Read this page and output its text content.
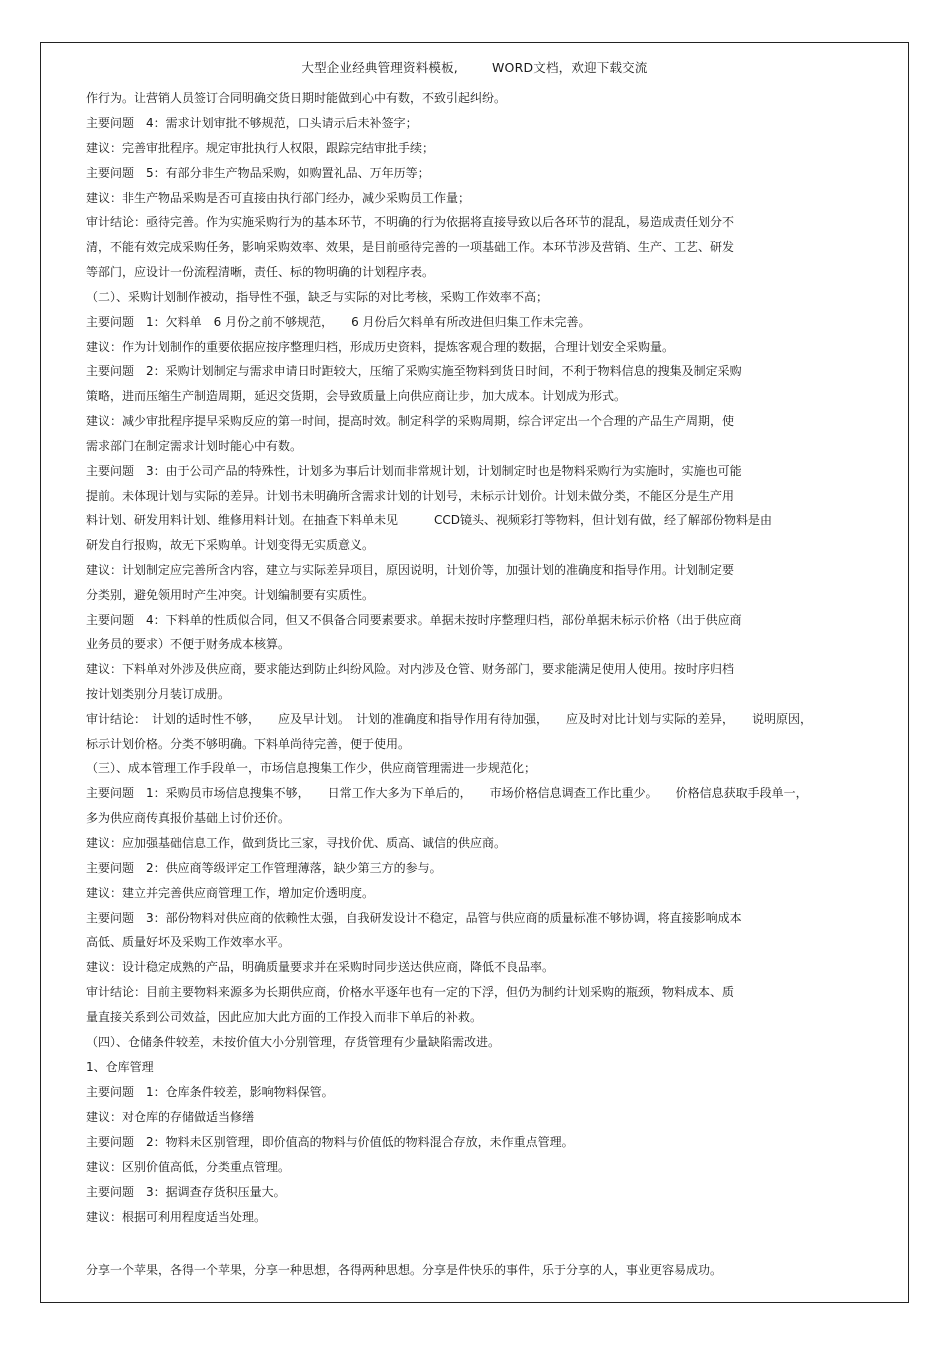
大型企业经典管理资料模板,	WORD文档，欢迎下载交流
作行为。让营销人员签订合同明确交货日期时能做到心中有数，不致引起纠纷。
主要问题　4：需求计划审批不够规范，口头请示后未补签字；
建议：完善审批程序。规定审批执行人权限，跟踪完结审批手续；
主要问题　5：有部分非生产物品采购，如购置礼品、万年历等；
建议：非生产物品采购是否可直接由执行部门经办，减少采购员工作量；
审计结论：亟待完善。作为实施采购行为的基本环节，不明确的行为依据将直接导致以后各环节的混乱，易造成责任划分不
清，不能有效完成采购任务，影响采购效率、效果，是目前亟待完善的一项基础工作。本环节涉及营销、生产、工艺、研发
等部门，应设计一份流程清晰，责任、标的物明确的计划程序表。
（二）、采购计划制作被动，指导性不强，缺乏与实际的对比考核，采购工作效率不高；
主要问题　1：欠料单　6 月份之前不够规范，　　6 月份后欠料单有所改进但归集工作未完善。
建议：作为计划制作的重要依据应按序整理归档，形成历史资料，提炼客观合理的数据，合理计划安全采购量。
主要问题　2：采购计划制定与需求申请日时距较大，压缩了采购实施至物料到货日时间，不利于物料信息的搜集及制定采购
策略，进而压缩生产制造周期，延迟交货期，会导致质量上向供应商让步，加大成本。计划成为形式。
建议：减少审批程序提早采购反应的第一时间，提高时效。制定科学的采购周期，综合评定出一个合理的产品生产周期，使
需求部门在制定需求计划时能心中有数。
主要问题　3：由于公司产品的特殊性，计划多为事后计划而非常规计划，计划制定时也是物料采购行为实施时，实施也可能
提前。未体现计划与实际的差异。计划书未明确所含需求计划的计划号，未标示计划价。计划未做分类，不能区分是生产用
料计划、研发用料计划、维修用料计划。在抽查下料单未见　　　CCD镜头、视频彩打等物料，但计划有做，经了解部份物料是由
研发自行报购，故无下采购单。计划变得无实质意义。
建议：计划制定应完善所含内容，建立与实际差异项目，原因说明，计划价等，加强计划的准确度和指导作用。计划制定要
分类别，避免领用时产生冲突。计划编制要有实质性。
主要问题　4：下料单的性质似合同，但又不俱备合同要素要求。单据未按时序整理归档，部份单据未标示价格（出于供应商
业务员的要求）不便于财务成本核算。
建议：下料单对外涉及供应商，要求能达到防止纠纷风险。对内涉及仓管、财务部门，要求能满足使用人使用。按时序归档
按计划类别分月装订成册。
审计结论：　计划的适时性不够，　　应及早计划。　计划的准确度和指导作用有待加强，　　应及时对比计划与实际的差异，　　说明原因，
标示计划价格。分类不够明确。下料单尚待完善，便于使用。
（三）、成本管理工作手段单一，市场信息搜集工作少，供应商管理需进一步规范化；
主要问题　1：采购员市场信息搜集不够，　　日常工作大多为下单后的，　　市场价格信息调查工作比重少。　　价格信息获取手段单一，
多为供应商传真报价基础上讨价还价。
建议：应加强基础信息工作，做到货比三家，寻找价优、质高、诚信的供应商。
主要问题　2：供应商等级评定工作管理薄落，缺少第三方的参与。
建议：建立并完善供应商管理工作，增加定价透明度。
主要问题　3：部份物料对供应商的依赖性太强，自我研发设计不稳定，品管与供应商的质量标准不够协调，将直接影响成本
高低、质量好坏及采购工作效率水平。
建议：设计稳定成熟的产品，明确质量要求并在采购时同步送达供应商，降低不良品率。
审计结论：目前主要物料来源多为长期供应商，价格水平逐年也有一定的下浮，但仍为制约计划采购的瓶颈，物料成本、质
量直接关系到公司效益，因此应加大此方面的工作投入而非下单后的补救。
（四）、仓储条件较差，未按价值大小分别管理，存货管理有少量缺陷需改进。
1、仓库管理
主要问题　1：仓库条件较差，影响物料保管。
建议：对仓库的存储做适当修缮
主要问题　2：物料未区别管理，即价值高的物料与价值低的物料混合存放，未作重点管理。
建议：区别价值高低，分类重点管理。
主要问题　3：据调查存货积压量大。
建议：根据可利用程度适当处理。
分享一个苹果，各得一个苹果，分享一种思想，各得两种思想。分享是件快乐的事件，乐于分享的人，事业更容易成功。
